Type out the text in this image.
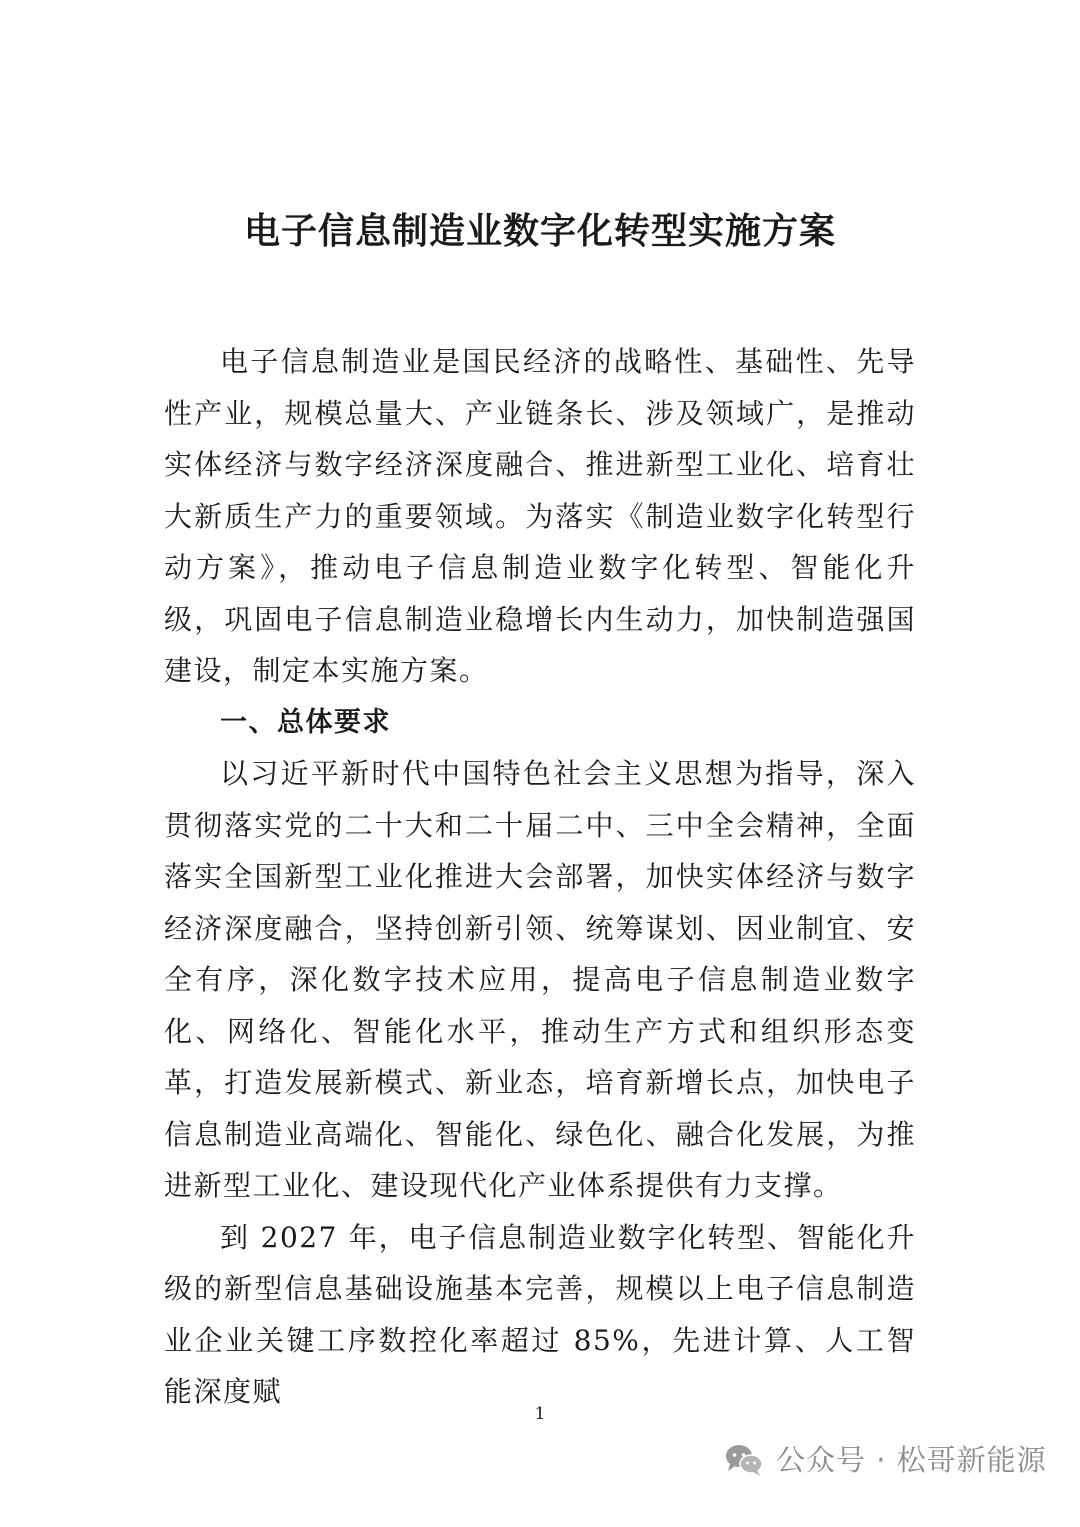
电子信息制造业数字化转型实施方案

电子信息制造业是国民经济的战略性、基础性、先导性产业，规模总量大、产业链条长、涉及领域广，是推动实体经济与数字经济深度融合、推进新型工业化、培育壮大新质生产力的重要领域。为落实《制造业数字化转型行动方案》，推动电子信息制造业数字化转型、智能化升级，巩固电子信息制造业稳增长内生动力，加快制造强国建设，制定本实施方案。

一、总体要求

以习近平新时代中国特色社会主义思想为指导，深入贯彻落实党的二十大和二十届二中、三中全会精神，全面落实全国新型工业化推进大会部署，加快实体经济与数字经济深度融合，坚持创新引领、统筹谋划、因业制宜、安全有序，深化数字技术应用，提高电子信息制造业数字化、网络化、智能化水平，推动生产方式和组织形态变革，打造发展新模式、新业态，培育新增长点，加快电子信息制造业高端化、智能化、绿色化、融合化发展，为推进新型工业化、建设现代化产业体系提供有力支撑。

到 2027 年，电子信息制造业数字化转型、智能化升级的新型信息基础设施基本完善，规模以上电子信息制造业企业关键工序数控化率超过 85%，先进计算、人工智能深度赋

1
公众号 · 松哥新能源
